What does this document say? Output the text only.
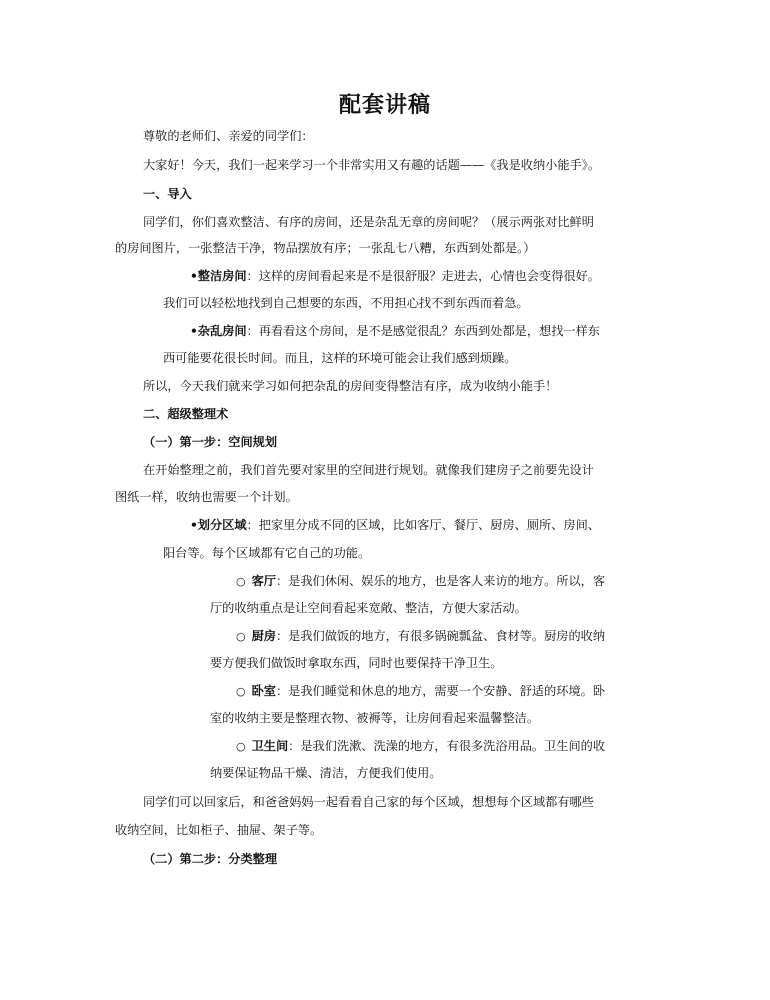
配套讲稿
尊敬的老师们、亲爱的同学们：
大家好！今天，我们一起来学习一个非常实用又有趣的话题——《我是收纳小能手》。
一、导入
同学们，你们喜欢整洁、有序的房间，还是杂乱无章的房间呢？（展示两张对比鲜明
的房间图片，一张整洁干净，物品摆放有序；一张乱七八糟，东西到处都是。）
•整洁房间：这样的房间看起来是不是很舒服？走进去，心情也会变得很好。
我们可以轻松地找到自己想要的东西，不用担心找不到东西而着急。
•杂乱房间：再看看这个房间，是不是感觉很乱？东西到处都是，想找一样东
西可能要花很长时间。而且，这样的环境可能会让我们感到烦躁。
所以，今天我们就来学习如何把杂乱的房间变得整洁有序，成为收纳小能手！
二、超级整理术
（一）第一步：空间规划
在开始整理之前，我们首先要对家里的空间进行规划。就像我们建房子之前要先设计
图纸一样，收纳也需要一个计划。
•划分区域：把家里分成不同的区域，比如客厅、餐厅、厨房、厕所、房间、
阳台等。每个区域都有它自己的功能。
○ 客厅：是我们休闲、娱乐的地方，也是客人来访的地方。所以，客
厅的收纳重点是让空间看起来宽敞、整洁，方便大家活动。
○ 厨房：是我们做饭的地方，有很多锅碗瓢盆、食材等。厨房的收纳
要方便我们做饭时拿取东西，同时也要保持干净卫生。
○ 卧室：是我们睡觉和休息的地方，需要一个安静、舒适的环境。卧
室的收纳主要是整理衣物、被褥等，让房间看起来温馨整洁。
○ 卫生间：是我们洗漱、洗澡的地方，有很多洗浴用品。卫生间的收
纳要保证物品干燥、清洁，方便我们使用。
同学们可以回家后，和爸爸妈妈一起看看自己家的每个区域，想想每个区域都有哪些
收纳空间，比如柜子、抽屉、架子等。
（二）第二步：分类整理
